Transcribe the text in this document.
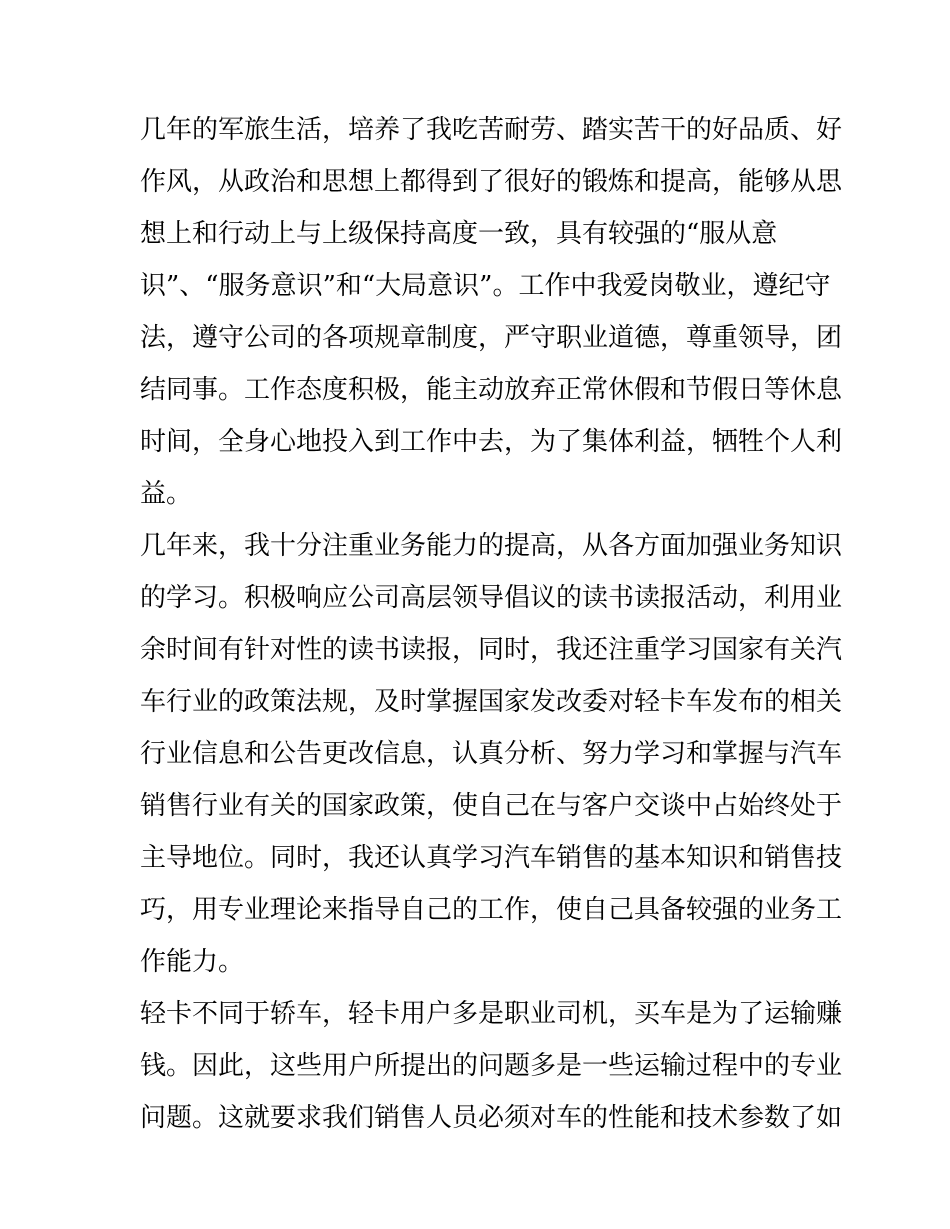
几年的军旅生活，培养了我吃苦耐劳、踏实苦干的好品质、好

作风，从政治和思想上都得到了很好的锻炼和提高，能够从思

想上和行动上与上级保持高度一致，具有较强的“服从意

识”、“服务意识”和“大局意识”。工作中我爱岗敬业，遵纪守

法，遵守公司的各项规章制度，严守职业道德，尊重领导，团

结同事。工作态度积极，能主动放弃正常休假和节假日等休息

时间，全身心地投入到工作中去，为了集体利益，牺牲个人利

益。

几年来，我十分注重业务能力的提高，从各方面加强业务知识

的学习。积极响应公司高层领导倡议的读书读报活动，利用业

余时间有针对性的读书读报，同时，我还注重学习国家有关汽

车行业的政策法规，及时掌握国家发改委对轻卡车发布的相关

行业信息和公告更改信息，认真分析、努力学习和掌握与汽车

销售行业有关的国家政策，使自己在与客户交谈中占始终处于

主导地位。同时，我还认真学习汽车销售的基本知识和销售技

巧，用专业理论来指导自己的工作，使自己具备较强的业务工

作能力。

轻卡不同于轿车，轻卡用户多是职业司机，买车是为了运输赚

钱。因此，这些用户所提出的问题多是一些运输过程中的专业

问题。这就要求我们销售人员必须对车的性能和技术参数了如
